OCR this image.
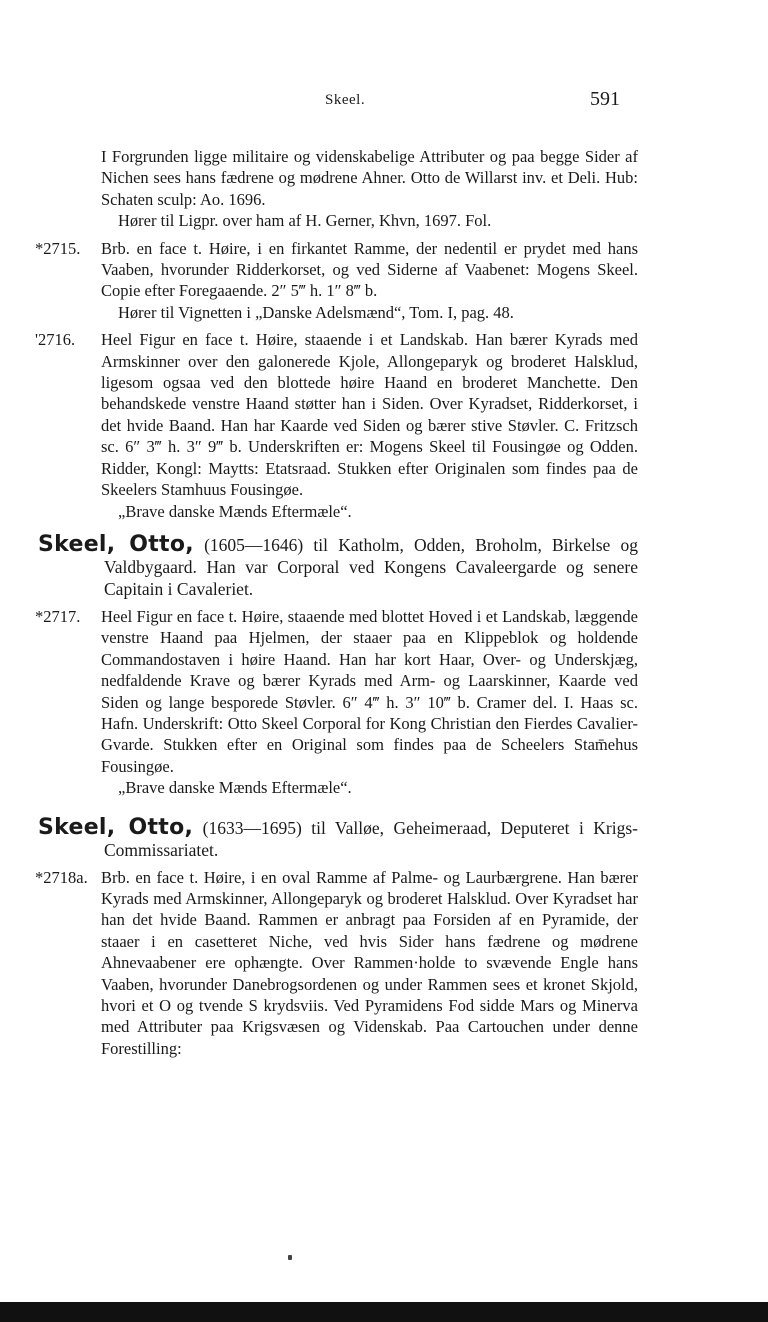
Skeel.	591

I Forgrunden ligge militaire og videnskabelige Attributer og paa begge Sider af Nichen sees hans fædrene og mødrene Ahner. Otto de Willarst inv. et Deli. Hub: Schaten sculp: Ao. 1696.

Hører til Ligpr. over ham af H. Gerner, Khvn, 1697. Fol.

*2715. Brb. en face t. Høire, i en firkantet Ramme, der nedentil er prydet med hans Vaaben, hvorunder Ridderkorset, og ved Siderne af Vaabenet: Mogens Skeel. Copie efter Foregaaende. 2″ 5‴ h. 1″ 8‴ b.

Hører til Vignetten i „Danske Adelsmænd“, Tom. I, pag. 48.

'2716. Heel Figur en face t. Høire, staaende i et Landskab. Han bærer Kyrads med Armskinner over den galonerede Kjole, Allongeparyk og broderet Halsklud, ligesom ogsaa ved den blottede høire Haand en broderet Manchette. Den behandskede venstre Haand støtter han i Siden. Over Kyradset, Ridderkorset, i det hvide Baand. Han har Kaarde ved Siden og bærer stive Støvler. C. Fritzsch sc. 6″ 3‴ h. 3″ 9‴ b. Underskriften er: Mogens Skeel til Fousingøe og Odden. Ridder, Kongl: Maytts: Etatsraad. Stukken efter Originalen som findes paa de Skeelers Stamhuus Fousingøe.

„Brave danske Mænds Eftermæle“.

Skeel, Otto, (1605—1646) til Katholm, Odden, Broholm, Birkelse og Valdbygaard. Han var Corporal ved Kongens Cavaleergarde og senere Capitain i Cavaleriet.

*2717. Heel Figur en face t. Høire, staaende med blottet Hoved i et Landskab, læggende venstre Haand paa Hjelmen, der staaer paa en Klippeblok og holdende Commandostaven i høire Haand. Han har kort Haar, Over- og Underskjæg, nedfaldende Krave og bærer Kyrads med Arm- og Laarskinner, Kaarde ved Siden og lange besporede Støvler. 6″ 4‴ h. 3″ 10‴ b. Cramer del. I. Haas sc. Hafn. Underskrift: Otto Skeel Corporal for Kong Christian den Fierdes Cavalier-Gvarde. Stukken efter en Original som findes paa de Scheelers Stam̄ehus Fousingøe.

„Brave danske Mænds Eftermæle“.

Skeel, Otto, (1633—1695) til Valløe, Geheimeraad, Deputeret i Krigs-Commissariatet.

*2718a. Brb. en face t. Høire, i en oval Ramme af Palme- og Laurbærgrene. Han bærer Kyrads med Armskinner, Allongeparyk og broderet Halsklud. Over Kyradset har han det hvide Baand. Rammen er anbragt paa Forsiden af en Pyramide, der staaer i en casetteret Niche, ved hvis Sider hans fædrene og mødrene Ahnevaabener ere ophængte. Over Rammen·holde to svævende Engle hans Vaaben, hvorunder Danebrogsordenen og under Rammen sees et kronet Skjold, hvori et O og tvende S krydsviis. Ved Pyramidens Fod sidde Mars og Minerva med Attributer paa Krigsvæsen og Videnskab. Paa Cartouchen under denne Forestilling:
